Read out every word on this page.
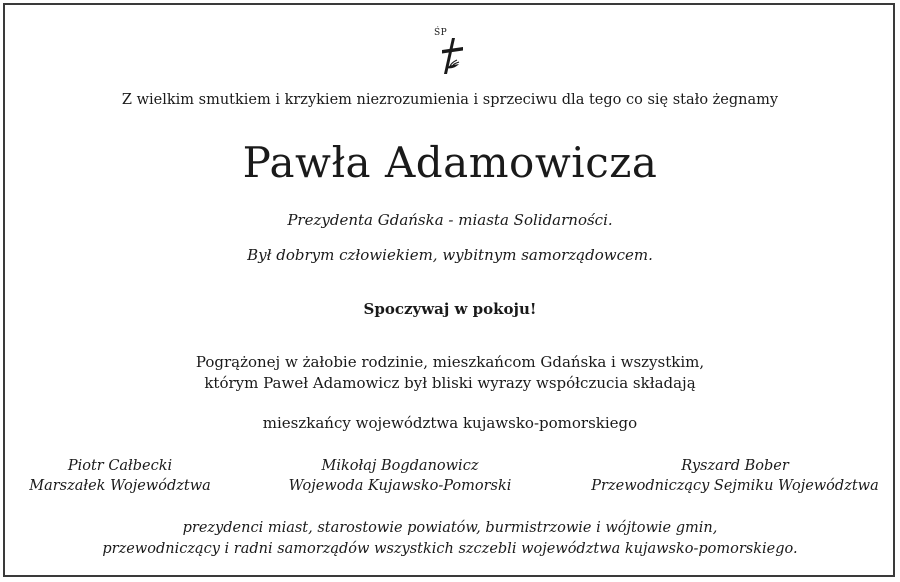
ŚP
Z wielkim smutkiem i krzykiem niezrozumienia i sprzeciwu dla tego co się stało żegnamy
Pawła Adamowicza
Prezydenta Gdańska - miasta Solidarności.
Był dobrym człowiekiem, wybitnym samorządowcem.
Spoczywaj w pokoju!
Pogrążonej w żałobie rodzinie, mieszkańcom Gdańska i wszystkim,
którym Paweł Adamowicz był bliski wyrazy współczucia składają
mieszkańcy województwa kujawsko-pomorskiego
Piotr Całbecki
Marszałek Województwa
Mikołaj Bogdanowicz
Wojewoda Kujawsko-Pomorski
Ryszard Bober
Przewodniczący Sejmiku Województwa
prezydenci miast, starostowie powiatów, burmistrzowie i wójtowie gmin,
przewodniczący i radni samorządów wszystkich szczebli województwa kujawsko-pomorskiego.
